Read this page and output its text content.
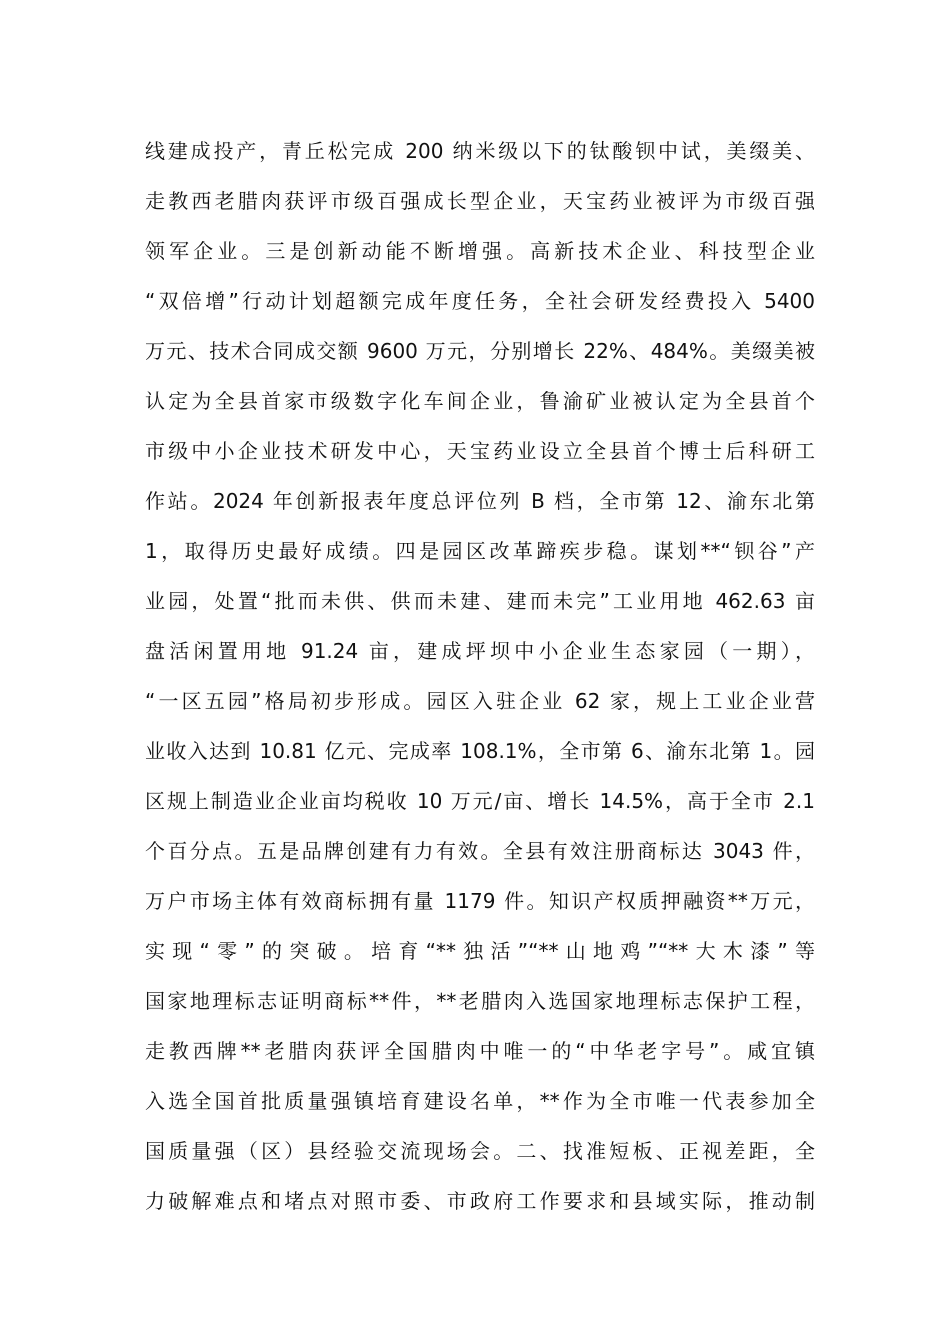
线建成投产，青丘松完成 200 纳米级以下的钛酸钡中试，美缀美、
走教西老腊肉获评市级百强成长型企业，天宝药业被评为市级百强
领军企业。三是创新动能不断增强。高新技术企业、科技型企业
“双倍增”行动计划超额完成年度任务，全社会研发经费投入 5400
万元、技术合同成交额 9600 万元，分别增长 22%、484%。美缀美被
认定为全县首家市级数字化车间企业，鲁渝矿业被认定为全县首个
市级中小企业技术研发中心，天宝药业设立全县首个博士后科研工
作站。2024 年创新报表年度总评位列 B 档，全市第 12、渝东北第
1，取得历史最好成绩。四是园区改革蹄疾步稳。谋划**“钡谷”产
业园，处置“批而未供、供而未建、建而未完”工业用地 462.63 亩
盘活闲置用地 91.24 亩，建成坪坝中小企业生态家园（一期），
“一区五园”格局初步形成。园区入驻企业 62 家，规上工业企业营
业收入达到 10.81 亿元、完成率 108.1%，全市第 6、渝东北第 1。园
区规上制造业企业亩均税收 10 万元/亩、增长 14.5%，高于全市 2.1
个百分点。五是品牌创建有力有效。全县有效注册商标达 3043 件，
万户市场主体有效商标拥有量 1179 件。知识产权质押融资**万元，
实现“零”的突破。培育“**独活”“**山地鸡”“**大木漆”等
国家地理标志证明商标**件，**老腊肉入选国家地理标志保护工程，
走教西牌**老腊肉获评全国腊肉中唯一的“中华老字号”。咸宜镇
入选全国首批质量强镇培育建设名单，**作为全市唯一代表参加全
国质量强（区）县经验交流现场会。二、找准短板、正视差距，全
力破解难点和堵点对照市委、市政府工作要求和县域实际，推动制
